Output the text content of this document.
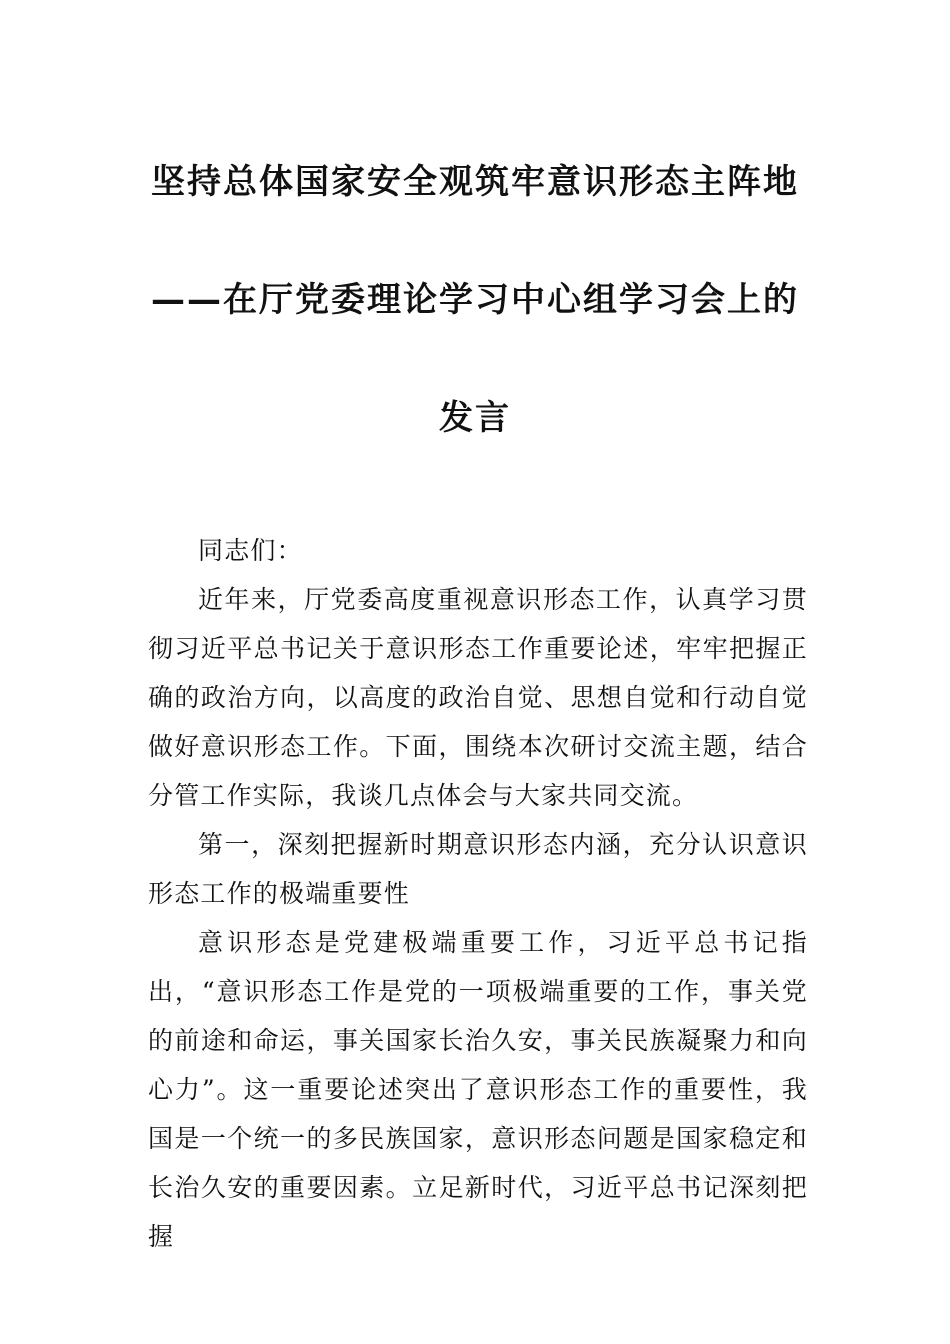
坚持总体国家安全观筑牢意识形态主阵地
——在厅党委理论学习中心组学习会上的
发言

同志们：

近年来，厅党委高度重视意识形态工作，认真学习贯彻习近平总书记关于意识形态工作重要论述，牢牢把握正确的政治方向，以高度的政治自觉、思想自觉和行动自觉做好意识形态工作。下面，围绕本次研讨交流主题，结合分管工作实际，我谈几点体会与大家共同交流。

第一，深刻把握新时期意识形态内涵，充分认识意识形态工作的极端重要性

意识形态是党建极端重要工作，习近平总书记指出，“意识形态工作是党的一项极端重要的工作，事关党的前途和命运，事关国家长治久安，事关民族凝聚力和向心力”。这一重要论述突出了意识形态工作的重要性，我国是一个统一的多民族国家，意识形态问题是国家稳定和长治久安的重要因素。立足新时代，习近平总书记深刻把握
